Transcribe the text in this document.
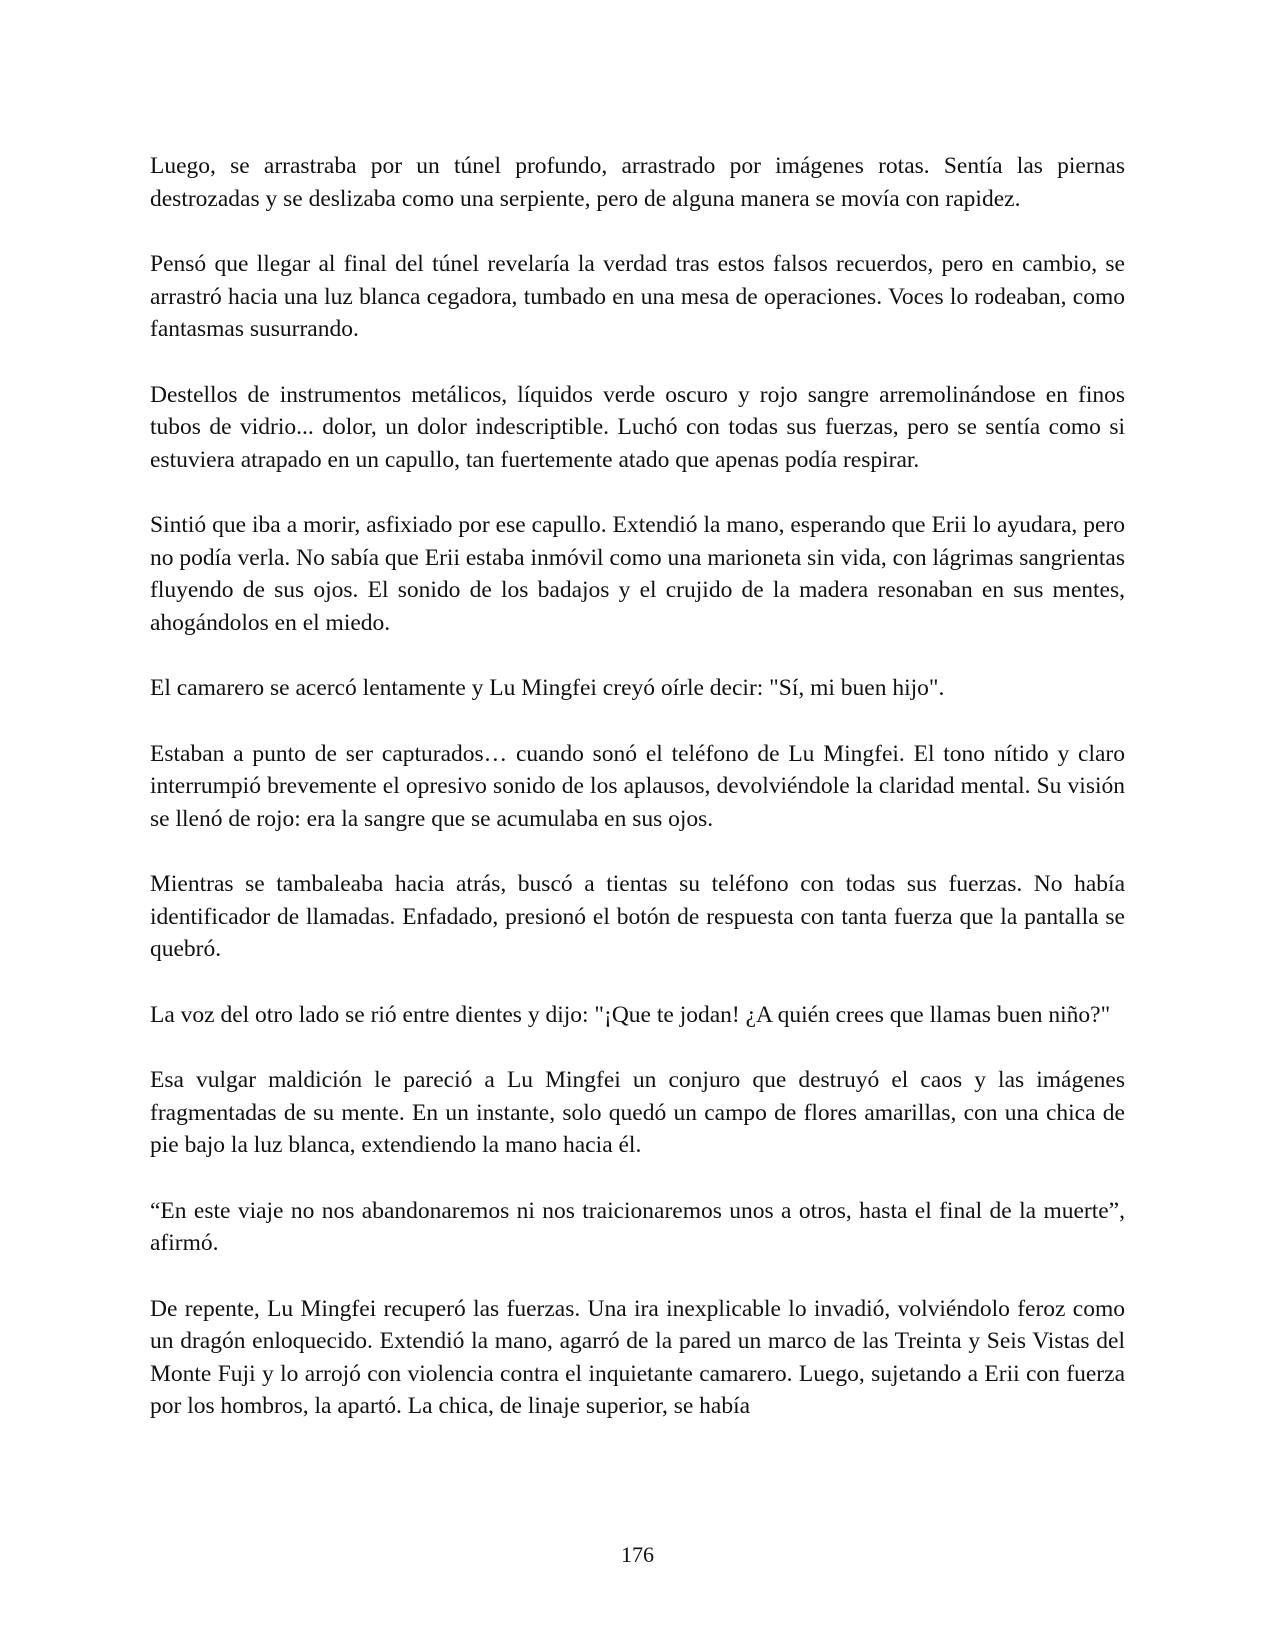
Luego, se arrastraba por un túnel profundo, arrastrado por imágenes rotas. Sentía las piernas destrozadas y se deslizaba como una serpiente, pero de alguna manera se movía con rapidez.

Pensó que llegar al final del túnel revelaría la verdad tras estos falsos recuerdos, pero en cambio, se arrastró hacia una luz blanca cegadora, tumbado en una mesa de operaciones. Voces lo rodeaban, como fantasmas susurrando.

Destellos de instrumentos metálicos, líquidos verde oscuro y rojo sangre arremolinándose en finos tubos de vidrio... dolor, un dolor indescriptible. Luchó con todas sus fuerzas, pero se sentía como si estuviera atrapado en un capullo, tan fuertemente atado que apenas podía respirar.

Sintió que iba a morir, asfixiado por ese capullo. Extendió la mano, esperando que Erii lo ayudara, pero no podía verla. No sabía que Erii estaba inmóvil como una marioneta sin vida, con lágrimas sangrientas fluyendo de sus ojos. El sonido de los badajos y el crujido de la madera resonaban en sus mentes, ahogándolos en el miedo.

El camarero se acercó lentamente y Lu Mingfei creyó oírle decir: "Sí, mi buen hijo".

Estaban a punto de ser capturados… cuando sonó el teléfono de Lu Mingfei. El tono nítido y claro interrumpió brevemente el opresivo sonido de los aplausos, devolviéndole la claridad mental. Su visión se llenó de rojo: era la sangre que se acumulaba en sus ojos.

Mientras se tambaleaba hacia atrás, buscó a tientas su teléfono con todas sus fuerzas. No había identificador de llamadas. Enfadado, presionó el botón de respuesta con tanta fuerza que la pantalla se quebró.

La voz del otro lado se rió entre dientes y dijo: "¡Que te jodan! ¿A quién crees que llamas buen niño?"

Esa vulgar maldición le pareció a Lu Mingfei un conjuro que destruyó el caos y las imágenes fragmentadas de su mente. En un instante, solo quedó un campo de flores amarillas, con una chica de pie bajo la luz blanca, extendiendo la mano hacia él.

“En este viaje no nos abandonaremos ni nos traicionaremos unos a otros, hasta el final de la muerte”, afirmó.

De repente, Lu Mingfei recuperó las fuerzas. Una ira inexplicable lo invadió, volviéndolo feroz como un dragón enloquecido. Extendió la mano, agarró de la pared un marco de las Treinta y Seis Vistas del Monte Fuji y lo arrojó con violencia contra el inquietante camarero. Luego, sujetando a Erii con fuerza por los hombros, la apartó. La chica, de linaje superior, se había

176
